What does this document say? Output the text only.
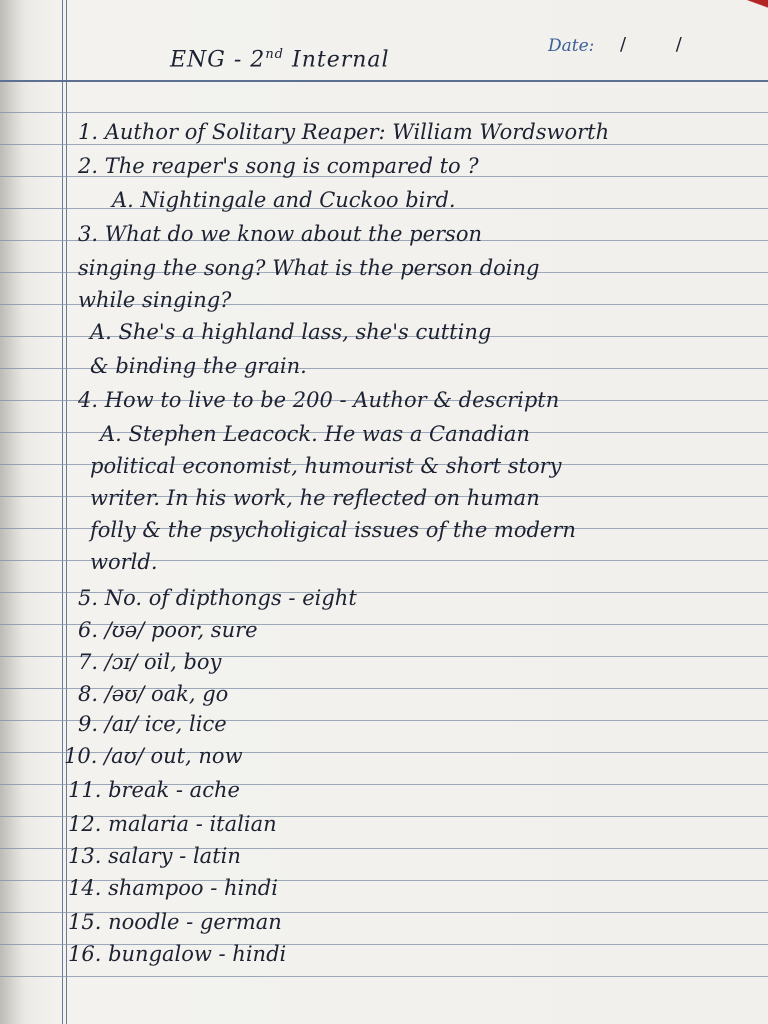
ENG - 2nd Internal
Date: / /
1. Author of Solitary Reaper: William Wordsworth
2. The reaper's song is compared to ?
A. Nightingale and Cuckoo bird.
3. What do we know about the person
singing the song? What is the person doing
while singing?
A. She's a highland lass, she's cutting
& binding the grain.
4. How to live to be 200 - Author & descriptn
A. Stephen Leacock. He was a Canadian
political economist, humourist & short story
writer. In his work, he reflected on human
folly & the psycholigical issues of the modern
world.
5. No. of dipthongs - eight
6. /ʊə/ poor, sure
7. /ɔɪ/ oil, boy
8. /əʊ/ oak, go
9. /aɪ/ ice, lice
10. /aʊ/ out, now
11. break - ache
12. malaria - italian
13. salary - latin
14. shampoo - hindi
15. noodle - german
16. bungalow - hindi
